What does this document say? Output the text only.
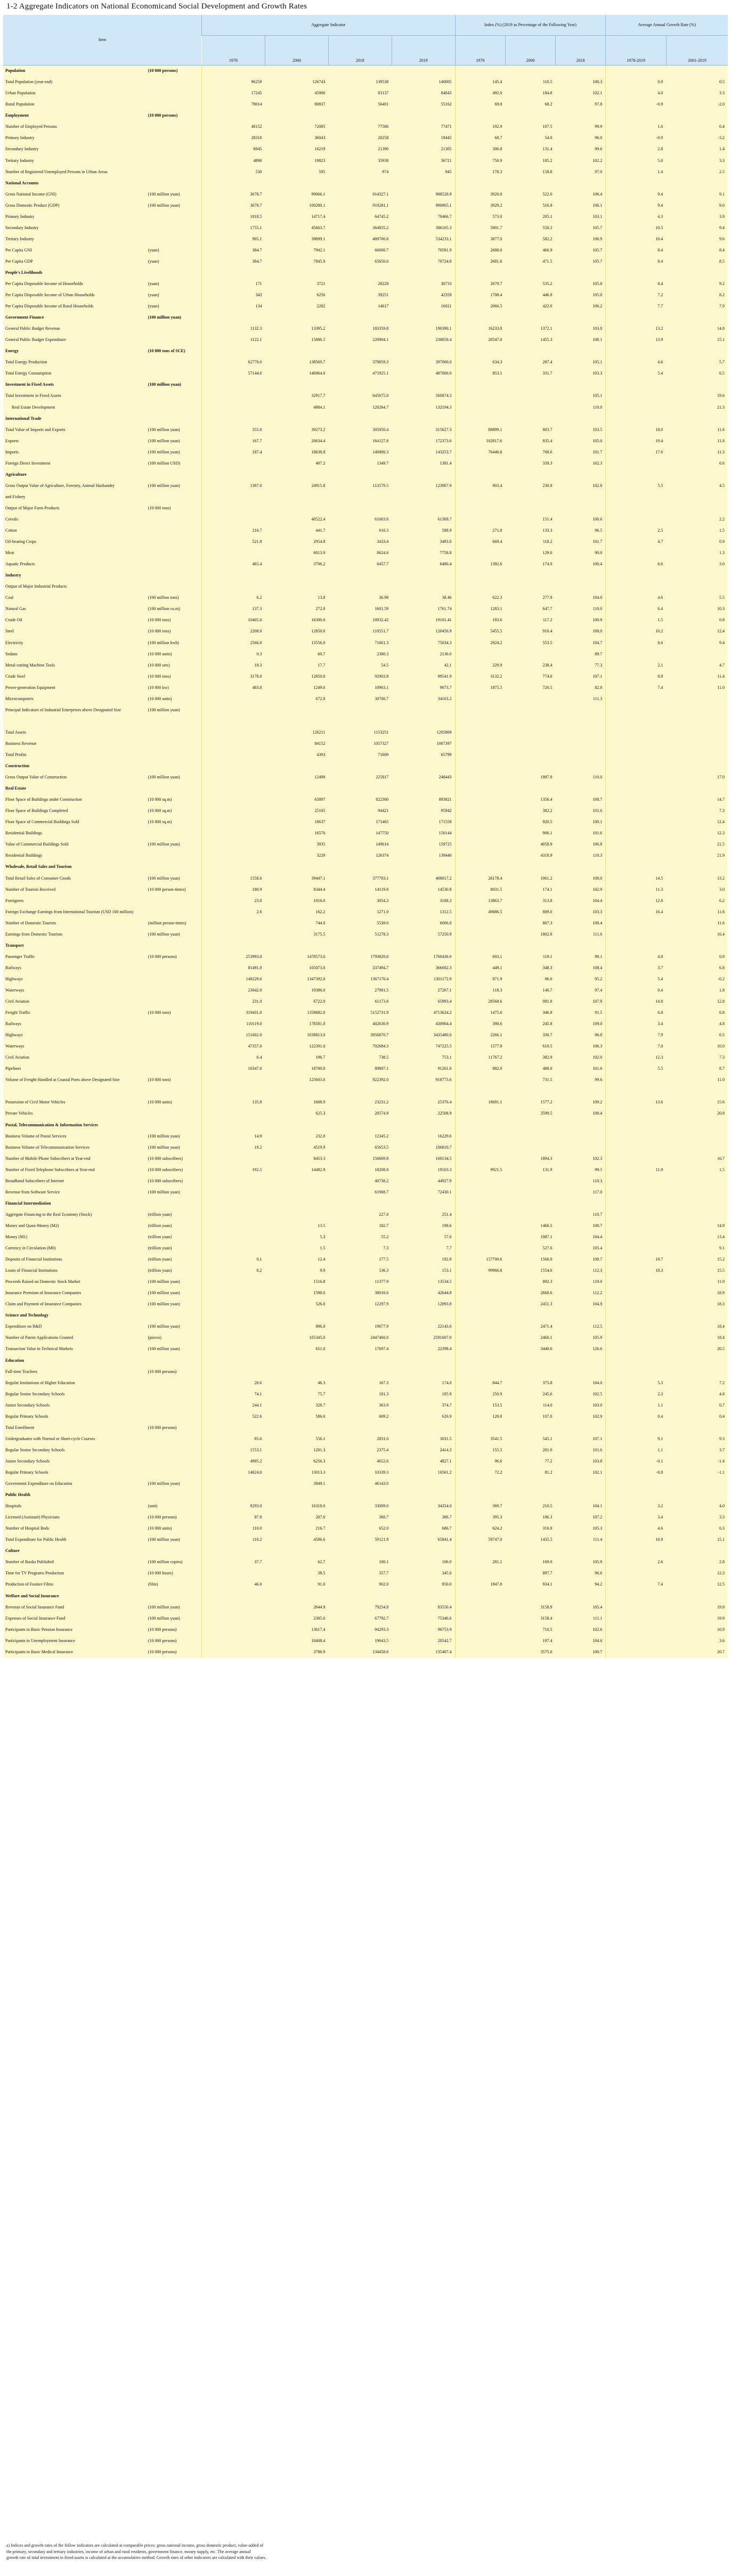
1-2 Aggregate Indicators on National Economicand Social Development and Growth Rates
Item		Aggregate Indicator				Index (%) (2019 as Percentage of the Following Year)			Average Annual Growth Rate (%)	
		1978	2000	2018	2019	1978	2000	2018	1978-2019	2001-2019
Population	(10 000 persons)									
Total Population (year-end)		96259	126743	139538	140005	145.4	110.5	100.3	0.9	0.5
Urban Population		17245	45906	83137	84843	492.0	184.8	102.1	4.0	3.3
Rural Population		79014	80837	56401	55162	69.8	68.2	97.8	-0.9	-2.0
Employment	(10 000 persons)									
Number of Employed Persons		40152	72085	77586	77471	192.9	107.5	99.9	1.6	0.4
Primary Industry		28318	36043	20258	19445	68.7	54.0	96.0	-0.9	-3.2
Secondary Industry		6945	16219	21390	21305	306.8	131.4	99.6	2.8	1.4
Tertiary Industry		4890	19823	35938	36721	750.9	185.2	102.2	5.0	3.3
Number of Registered Unemployed Persons in Urban Areas		530	595	974	945	178.3	158.8	97.0	1.4	2.5
National Accounts										
Gross National Income (GNI)	(100 million yuan)	3678.7	99066.1	914327.1	988528.9	3920.0	522.0	106.4	9.4	9.1
Gross Domestic Product (GDP)	(100 million yuan)	3678.7	100280.1	919281.1	990865.1	3929.2	516.9	106.1	9.4	9.0
Primary Industry		1018.5	14717.4	64745.2	70466.7	573.0	205.1	103.1	4.3	3.9
Secondary Industry		1755.1	45663.7	364835.2	386165.3	5901.7	550.2	105.7	10.5	9.4
Tertiary Industry		905.1	39899.1	489700.8	534233.1	3877.0	582.2	106.9	10.4	9.6
Per Capita GNI	(yuan)	384.7	7942.1	66000.7	70581.9	2688.0	466.9	105.7	8.4	8.4
Per Capita GDP	(yuan)	384.7	7845.9	65650.0	70724.8	2681.6	471.5	105.7	8.4	8.5
People's Livelihoods										
Per Capita Disposable Income of Households	(yuan)	171	3721	28228	30733	2679.7	535.2	105.8	8.4	9.2
Per Capita Disposable Income of Urban Households	(yuan)	343	6256	39251	42359	1708.4	446.9	105.0	7.2	8.2
Per Capita Disposable Income of Rural Households	(yuan)	134	2282	14617	16021	2066.5	422.0	106.2	7.7	7.9
Government Finance	(100 million yuan)									
General Public Budget Revenue		1132.3	13395.2	183359.8	190390.1	16233.8	1372.1	103.8	13.2	14.8
General Public Budget Expenditure		1122.1	15886.5	220904.1	238858.4	20547.0	1455.3	108.1	13.9	15.1
Energy	(10 000 tons of SCE)									
Total Energy Production		62770.0	138569.7	378859.3	397000.0	634.3	287.4	105.1	4.6	5.7
Total Energy Consumption		57144.0	146964.0	471925.1	487000.0	853.1	331.7	103.3	5.4	6.5
Investment in Fixed Assets	(100 million yuan)									
Total Investment in Fixed Assets			32917.7	645675.0	560874.3			105.1		19.6
Real Estate Development			4984.1	120264.7	132194.3			110.0		21.3
International Trade										
Total Value of Imports and Exports	(100 million yuan)	355.0	39273.2	305050.4	315627.3	88899.1	803.7	103.5	18.0	11.6
Exports	(100 million yuan)	167.7	20634.4	164127.8	172373.6	102817.6	835.4	105.0	19.4	11.8
Imports	(100 million yuan)	187.4	18638.8	140880.3	143253.7	76446.6	768.6	101.7	17.6	11.3
Foreign Direct Investment	(100 million USD)		407.2	1349.7	1381.4		339.3	102.3		6.6
Agriculture										
Gross Output Value of Agriculture, Forestry, Animal Husbandry	(100 million yuan)	1397.0	24915.8	113579.5	123967.9	903.4	230.8	102.8	5.5	4.5
and Fishery										
Output of Major Farm Products	(10 000 tons)									
Cereals			40522.4	61003.6	61369.7		151.4	100.6		2.2
Cotton		216.7	441.7	610.3	588.9	271.8	133.3	96.5	2.5	1.5
Oil-bearing Crops		521.8	2954.8	3433.4	3493.0	669.4	118.2	101.7	4.7	0.9
Meat			6013.9	8624.6	7758.8		129.0	90.0		1.3
Aquatic Products		465.4	3706.2	6457.7	6480.4	1392.6	174.9	100.4	6.6	3.0
Industry										
Output of Major Industrial Products										
Coal	(100 million tons)	6.2	13.8	36.98	38.46	622.3	277.9	104.0	4.6	5.5
Natural Gas	(100 million cu.m)	137.3	272.0	1601.59	1761.74	1283.1	647.7	110.0	6.4	10.3
Crude Oil	(10 000 tons)	10405.0	16300.0	18932.42	19101.41	183.6	117.2	100.9	1.5	0.8
Steel	(10 000 tons)	2208.0	12850.0	110551.7	120456.9	5455.5	916.4	108.0	10.2	12.4
Electricity	(100 million kwh)	2566.0	13556.0	71661.3	75034.3	2924.2	553.5	104.7	8.6	9.4
Sedans	(10 000 units)	0.3	60.7	2380.3	2136.0			89.7		
Metal-cutting Machine Tools	(10 000 sets)	18.3	17.7	54.5	42.1	229.9	238.4	77.3	2.1	4.7
Crude Steel	(10 000 tons)	3178.0	12850.0	92903.8	99541.9	3132.2	774.6	107.1	8.8	11.4
Power-generation Equipment	(10 000 kw)	483.8	1249.0	10963.1	9073.7	1875.5	726.5	82.8	7.4	11.0
Microcomputers	(10 000 units)		672.0	30700.7	34163.2			111.3		
Principal Indicators of Industrial Enterprises above Designated Size	(100 million yuan)									

Total Assets			126211	1153251	1205869					
Business Revenue			84152	1057327	1067397					
Total Profits			4393	71609	65799					
Construction										
Gross Output Value of Construction	(100 million yuan)		12498	225817	248443		1987.9	110.0		17.0
Real Estate										
Floor Space of Buildings under Construction	(10 000 sq.m)		65897	822300	893821		1356.4	108.7		14.7
Floor Space of Buildings Completed	(10 000 sq.m)		25105	94421	95942		382.2	101.6		7.3
Floor Space of Commercial Buildings Sold	(10 000 sq.m)		18637	171465	171558		920.5	100.1		12.4
Residential Buildings			16570	147750	150144		906.1	101.6		12.3
Value of Commercial Buildings Sold	(100 million yuan)		3935	149614	159725		4058.9	106.8		21.5
Residential Buildings			3229	126374	139440		4318.9	110.3		21.9
Wholesale, Retail Sales and Tourism										
Total Retail Sales of Consumer Goods	(100 million yuan)	1558.6	39447.1	377783.1	408017.2	26178.4	1061.2	108.0	14.5	13.2
Number of Tourists Received	(10 000 person-times)	180.9	8344.4	14119.8	14530.8	8031.5	174.1	102.9	11.3	3.0
Foreigners		23.0	1016.0	3054.3	3188.3	13863.7	313.8	104.4	12.8	6.2
Foreign Exchange Earnings from International Tourism (USD 100 million)		2.6	162.2	1271.0	1312.5	49886.5	809.0	103.3	16.4	11.6
Number of Domestic Tourists	(million person-times)		744.0	5539.0	6006.0		807.3	108.4		11.6
Earnings from Domestic Tourism	(100 million yuan)		3175.5	51278.3	57250.9		1802.9	111.6		16.4
Transport										
Passenger Traffic	(10 000 persons)	253993.0	1478573.0	1793820.0	1760436.0	693.1	119.1	98.1	4.8	0.9
Railways		81491.0	105073.0	337494.7	366002.3	449.1	348.3	108.4	3.7	6.8
Highways		149229.0	1347392.0	1367170.4	1301172.9	871.9	96.6	95.2	5.4	-0.2
Waterways		23042.0	19386.0	27981.5	27267.1	118.3	140.7	97.4	0.4	1.8
Civil Aviation		231.0	6722.0	61173.8	65993.4	28568.6	981.8	107.9	14.8	12.8
Freight Traffic	(10 000 tons)	319431.0	1358682.0	5152731.9	4713624.2	1475.6	346.9	91.5	6.8	6.8
Railways		110119.0	178581.0	402630.9	438904.4	398.6	245.8	109.0	3.4	4.8
Highways		151602.0	1038813.0	3956870.7	3435480.0	2266.1	330.7	86.8	7.9	6.5
Waterways		47357.0	122391.0	702684.3	747225.5	1577.9	610.5	106.3	7.0	10.0
Civil Aviation		6.4	196.7	738.5	753.1	11767.2	382.9	102.0	12.3	7.3
Pipelines		10347.0	18700.0	89807.1	91261.0	882.0	488.0	101.6	5.5	8.7
Volume of Freight Handled at Coastal Ports above Designated Size	(10 000 tons)		125603.0	922392.0	918773.6		731.5	99.6		11.0

Possession of Civil Motor Vehicles	(10 000 units)	135.8	1608.9	23231.2	25376.4	18681.1	1577.2	109.2	13.6	15.6
Private Vehicles			625.3	20574.9	22508.9		3599.5	109.4		20.8
Postal, Telecommunication & Information Services										
Business Volume of Postal Services	(100 million yuan)	14.9	232.8	12345.2	16229.6					
Business Volume of Telecommunication Services	(100 million yuan)	19.2	4519.9	65653.5	106810.7					
Number of Mobile Phone Subscribers at Year-end	(10 000 subscribers)		8453.3	156609.8	160134.5		1894.3	102.3		16.7
Number of Fixed Telephone Subscribers at Year-end	(10 000 subscribers)	192.5	14482.9	18208.8	19103.3	9921.5	131.9	99.5	11.9	1.5
Broadband Subscribers of Internet	(10 000 subscribers)			40738.2	44927.9			110.3		
Revenue from Software Service	(100 million yuan)			61908.7	72430.1			117.0		
Financial Intermediation										
Aggregate Financing to the Real Economy (Stock)	(trillion yuan)			227.0	251.4			110.7		
Money and Quasi-Money (M2)	(trillion yuan)		13.5	182.7	198.6		1466.5	108.7		14.9
Money (M1)	(trillion yuan)		5.3	55.2	57.6		1087.1	104.4		13.4
Currency in Circulation (M0)	(trillion yuan)		1.5	7.3	7.7		527.6	105.4		9.1
Deposits of Financial Institutions	(trillion yuan)	0.1	12.4	177.5	192.9	157700.6	1560.0	108.7	19.7	15.2
Loans of Financial Institutions	(trillion yuan)	0.2	9.9	136.3	153.1	99966.6	1554.0	112.3	18.3	15.5
Proceeds Raised on Domestic Stock Market	(100 million yuan)		1516.8	11377.9	13534.5		892.3	119.0		11.9
Insurance Premium of Insurance Companies	(100 million yuan)		1598.0	38016.6	42644.8		2668.6	112.2		18.9
Claim and Payment of Insurance Companies	(100 million yuan)		526.0	12297.9	12893.8		2451.3	104.9		18.3
Science and Technology										
Expenditure on R&D	(100 million yuan)		896.0	19677.9	22143.6		2471.4	112.5		18.4
Number of Patent Applications Granted	(pieces)		105345.0	2447460.0	2591607.0		2460.1	105.9		18.4
Transaction Value in Technical Markets	(100 million yuan)		651.0	17697.4	22398.4		3440.6	126.6		20.5
Education										
Full-time Teachers	(10 000 persons)									
Regular Institutions of Higher Education		20.6	46.3	167.3	174.0	844.7	375.8	104.0	5.3	7.2
Regular Senior Secondary Schools		74.1	75.7	181.3	185.9	250.9	245.6	102.5	2.3	4.8
Junior Secondary Schools		244.1	328.7	363.9	374.7	153.5	114.0	103.0	1.1	0.7
Regular Primary Schools		522.6	586.0	609.2	626.9	120.0	107.0	102.9	0.4	0.4
Total Enrollment	(10 000 persons)									
Undergraduates with Normal or Short-cycle Courses		85.6	556.1	2831.0	3031.5	3541.5	545.1	107.1	9.1	9.3
Regular Senior Secondary Schools		1553.1	1201.3	2375.4	2414.3	155.5	201.0	101.6	1.1	3.7
Junior Secondary Schools		4995.2	6256.3	4652.6	4827.1	96.6	77.2	103.8	-0.1	-1.4
Regular Primary Schools		14624.0	13013.3	10339.3	10561.2	72.2	81.2	102.1	-0.8	-1.1
Government Expenditure on Education	(100 million yuan)		3849.1	46143.0						
Public Health										
Hospitals	(unit)	9293.0	16318.0	33009.0	34354.0	369.7	210.5	104.1	3.2	4.0
Licensed (Assistant) Physicians	(10 000 persons)	97.8	207.6	360.7	386.7	395.3	186.3	107.2	3.4	3.3
Number of Hospital Beds	(10 000 units)	110.0	216.7	652.0	686.7	624.2	316.9	105.3	4.6	6.3
Total Expenditure for Public Health	(100 million yuan)	110.2	4586.6	59121.9	65841.4	59747.0	1435.5	111.4	16.9	15.1
Culture										
Number of Books Published	(100 million copies)	37.7	62.7	100.1	106.0	281.1	169.0	105.9	2.6	2.8
Time for TV Programs Production	(10 000 hours)		38.5	357.7	345.6		897.7	96.6		12.3
Production of Feature Films	(film)	46.0	91.0	902.0	850.0	1847.8	934.1	94.2	7.4	12.5
Welfare and Social Insurance										
Revenue of Social Insurance Fund	(100 million yuan)		2644.9	79254.8	83550.4		3158.9	105.4		19.9
Expenses of Social Insurance Fund	(100 million yuan)		2385.6	67792.7	75346.6		3158.4	111.1		19.9
Participants in Basic Pension Insurance	(10 000 persons)		13617.4	94293.3	96753.9		710.5	102.6		10.9
Participants in Unemployment Insurance	(10 000 persons)		10408.4	19643.5	20542.7		197.4	104.6		3.6
Participants in Basic Medical Insurance	(10 000 persons)		3786.9	134458.6	135407.4		3575.6	100.7		20.7

a) Indices and growth rates of the follow indicators are calculated at comparable prices: gross national income, gross domestic product, value-added of

the primary, secondary and tertiary industries, income of urban and rural residents, government finance, money supply, etc. The average annual

growth rate of total investment in fixed assets is calculated at the accumulative method. Growth rates of other indicators are calculated with their values.
